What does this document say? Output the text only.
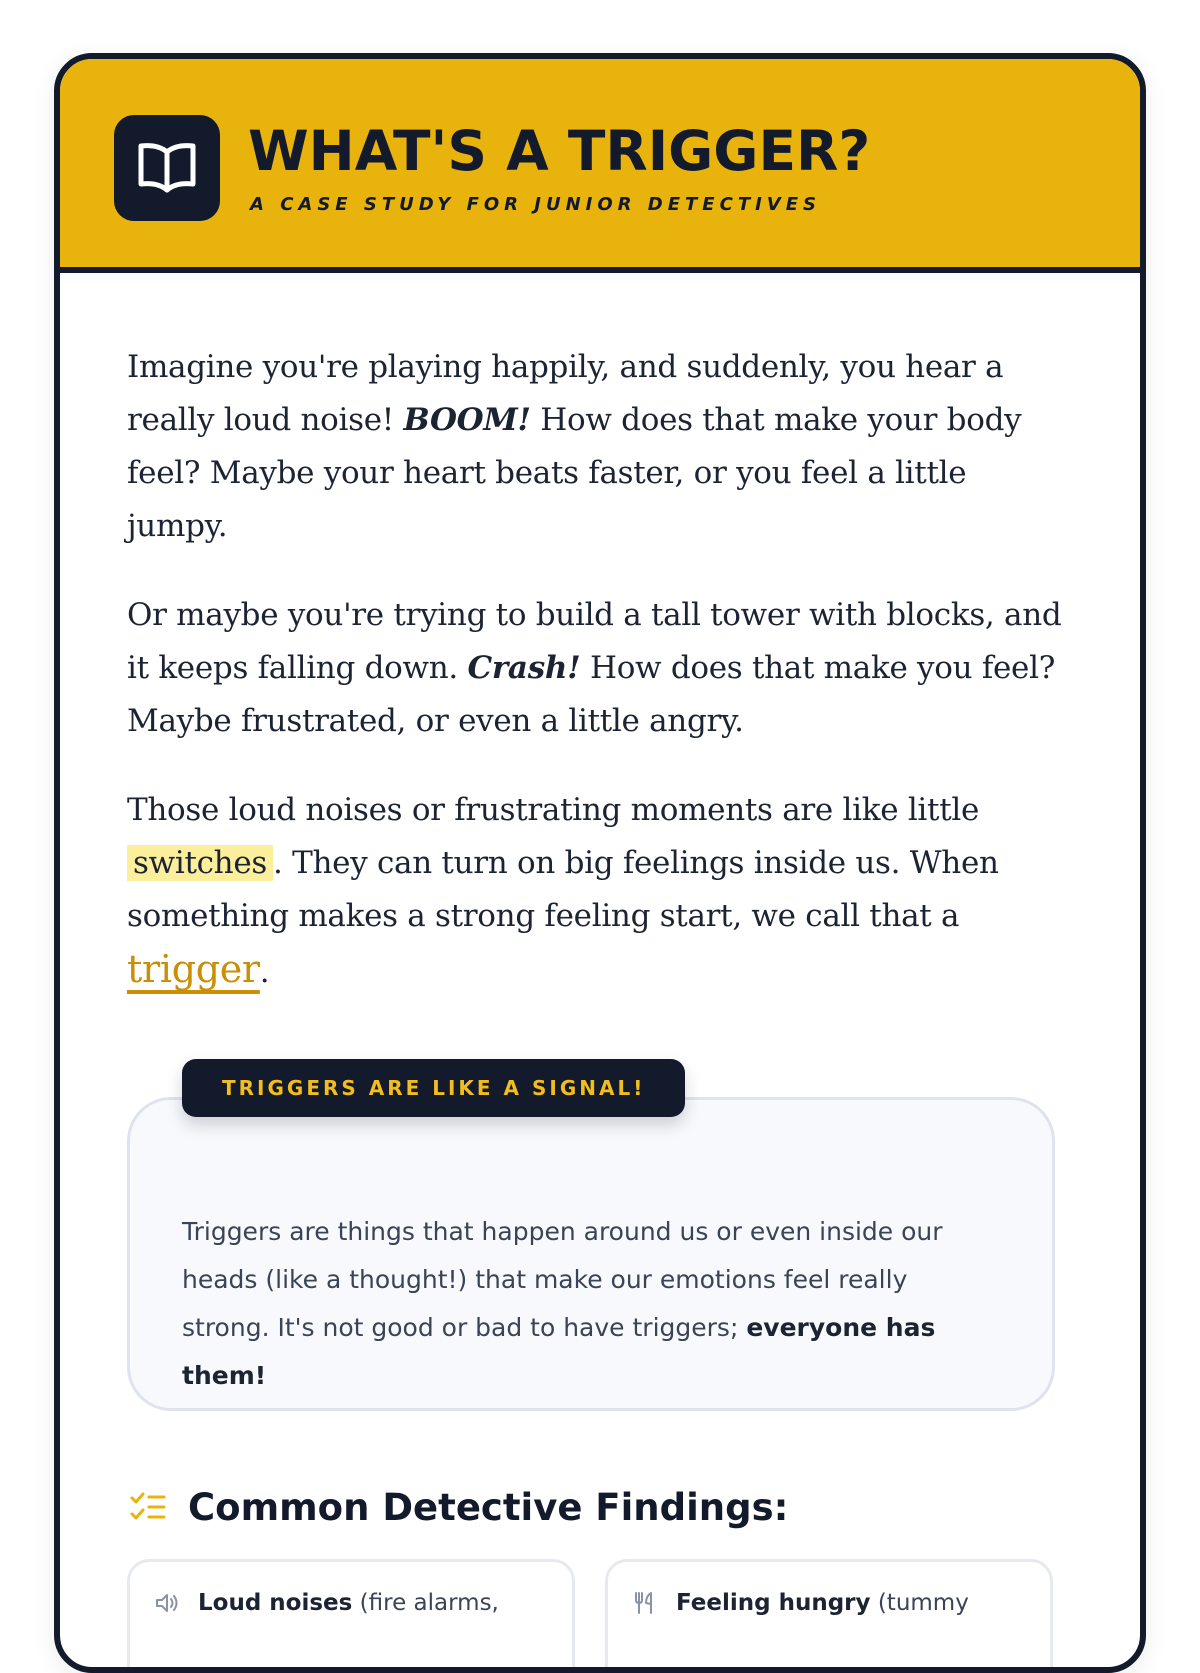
WHAT'S A TRIGGER?
A CASE STUDY FOR JUNIOR DETECTIVES

Imagine you're playing happily, and suddenly, you hear a really loud noise! BOOM! How does that make your body feel? Maybe your heart beats faster, or you feel a little jumpy.

Or maybe you're trying to build a tall tower with blocks, and it keeps falling down. Crash! How does that make you feel? Maybe frustrated, or even a little angry.

Those loud noises or frustrating moments are like little switches . They can turn on big feelings inside us. When something makes a strong feeling start, we call that a trigger.

Triggers are things that happen around us or even inside our heads (like a thought!) that make our emotions feel really strong. It's not good or bad to have triggers; everyone has them!

TRIGGERS ARE LIKE A SIGNAL!
Common Detective Findings:
Loud noises (fire alarms,	Feeling hungry (tummy
